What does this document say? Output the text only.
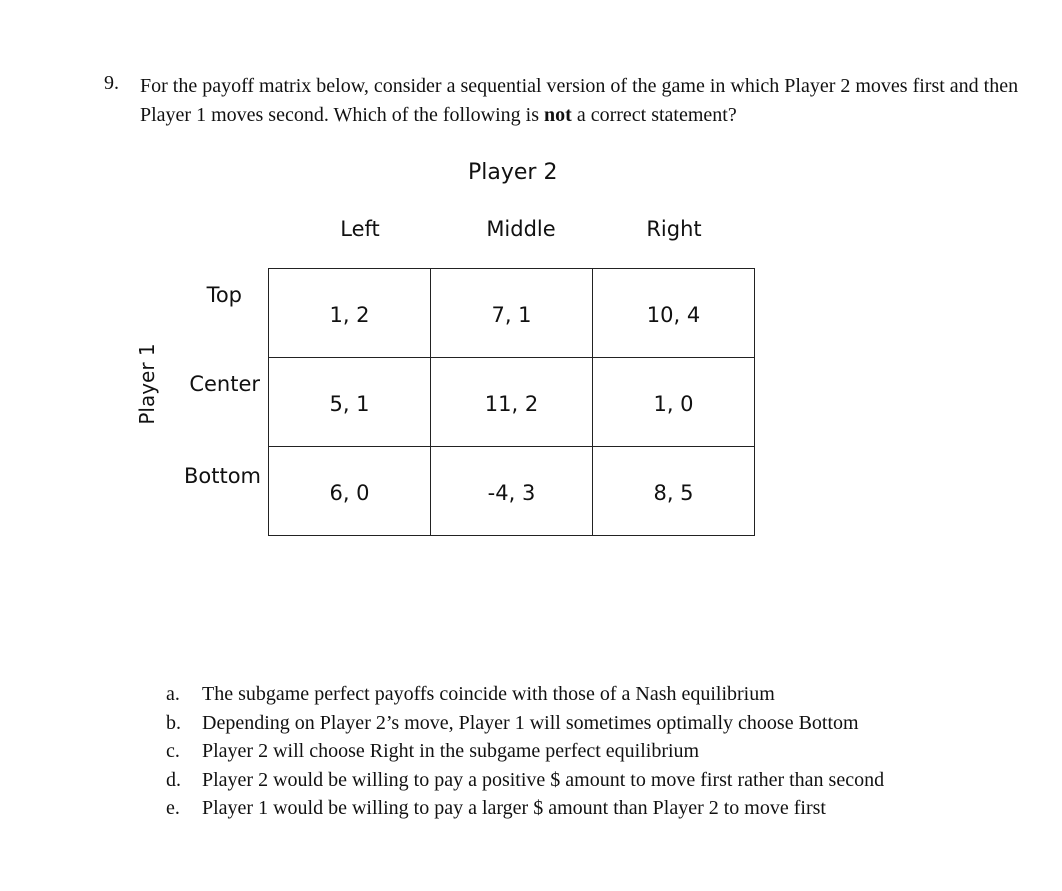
9. For the payoff matrix below, consider a sequential version of the game in which Player 2 moves first and then Player 1 moves second. Which of the following is not a correct statement?
Player 2
Left	Middle	Right
Player 1
Top
Center
Bottom
1, 2	7, 1	10, 4
5, 1	11, 2	1, 0
6, 0	-4, 3	8, 5
a.	The subgame perfect payoffs coincide with those of a Nash equilibrium
b.	Depending on Player 2’s move, Player 1 will sometimes optimally choose Bottom
c.	Player 2 will choose Right in the subgame perfect equilibrium
d.	Player 2 would be willing to pay a positive $ amount to move first rather than second
e.	Player 1 would be willing to pay a larger $ amount than Player 2 to move first
